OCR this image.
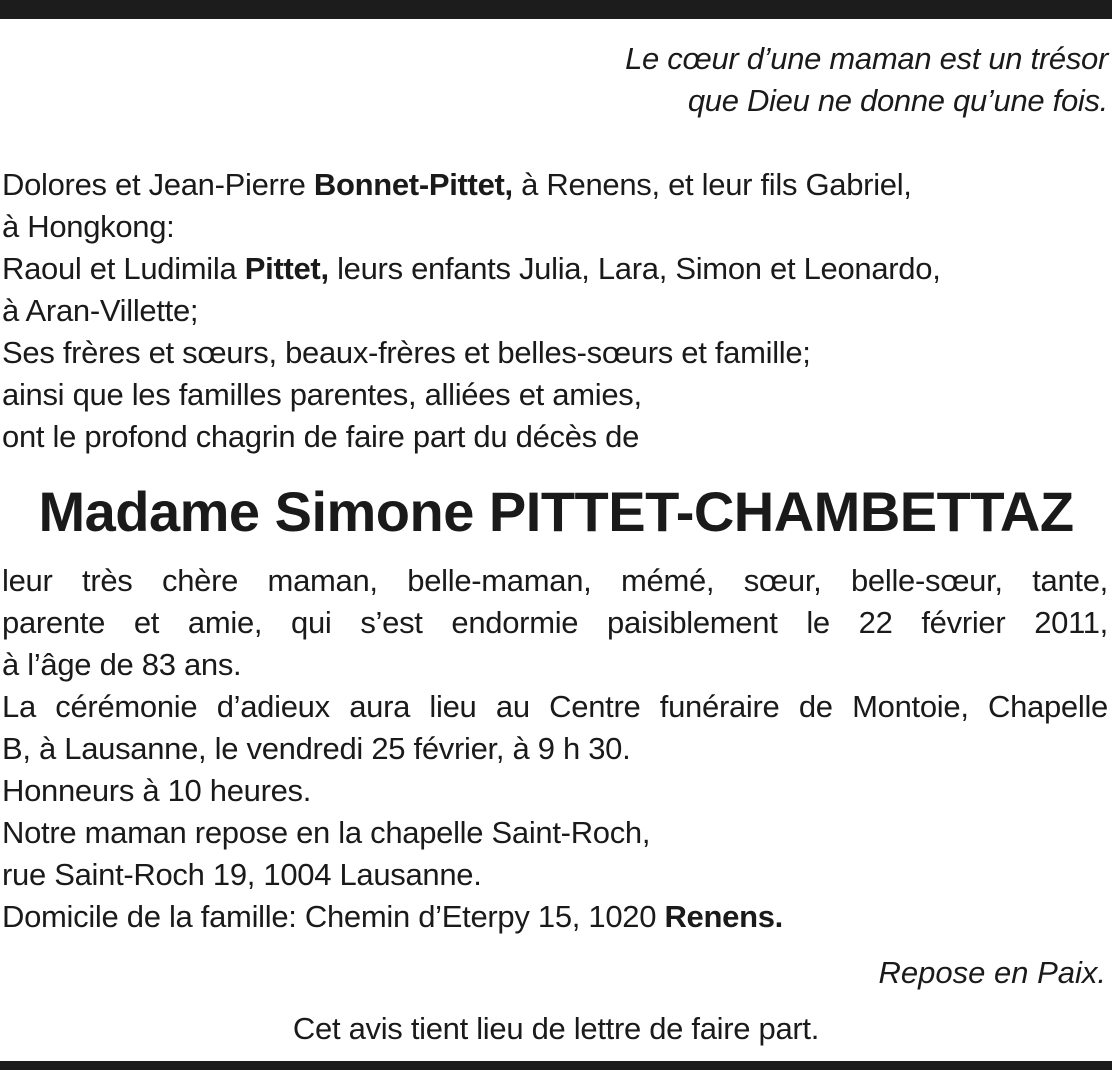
Le cœur d’une maman est un trésor
que Dieu ne donne qu’une fois.
Dolores et Jean-Pierre Bonnet-Pittet, à Renens, et leur fils Gabriel,
à Hongkong:
Raoul et Ludimila Pittet, leurs enfants Julia, Lara, Simon et Leonardo,
à Aran-Villette;
Ses frères et sœurs, beaux-frères et belles-sœurs et famille;
ainsi que les familles parentes, alliées et amies,
ont le profond chagrin de faire part du décès de
Madame Simone PITTET-CHAMBETTAZ
leur très chère maman, belle-maman, mémé, sœur, belle-sœur, tante,
parente et amie, qui s’est endormie paisiblement le 22 février 2011,
à l’âge de 83 ans.
La cérémonie d’adieux aura lieu au Centre funéraire de Montoie, Chapelle
B, à Lausanne, le vendredi 25 février, à 9 h 30.
Honneurs à 10 heures.
Notre maman repose en la chapelle Saint-Roch,
rue Saint-Roch 19, 1004 Lausanne.
Domicile de la famille: Chemin d’Eterpy 15, 1020 Renens.
Repose en Paix.
Cet avis tient lieu de lettre de faire part.
